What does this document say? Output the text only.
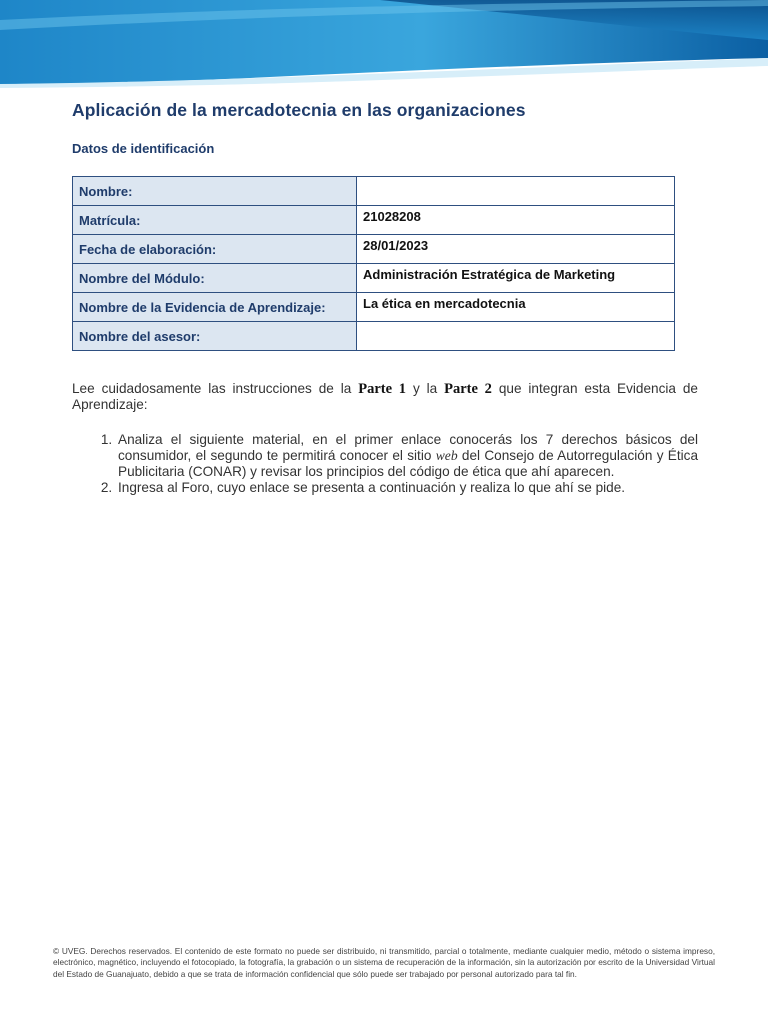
Aplicación de la mercadotecnia en las organizaciones
Datos de identificación
Nombre:	
Matrícula:	21028208
Fecha de elaboración:	28/01/2023
Nombre del Módulo:	Administración Estratégica de Marketing
Nombre de la Evidencia de Aprendizaje:	La ética en mercadotecnia
Nombre del asesor:	

Lee cuidadosamente las instrucciones de la Parte 1 y la Parte 2 que integran esta Evidencia de Aprendizaje:

1. Analiza el siguiente material, en el primer enlace conocerás los 7 derechos básicos del consumidor, el segundo te permitirá conocer el sitio web del Consejo de Autorregulación y Ética Publicitaria (CONAR) y revisar los principios del código de ética que ahí aparecen.
2. Ingresa al Foro, cuyo enlace se presenta a continuación y realiza lo que ahí se pide.
© UVEG. Derechos reservados. El contenido de este formato no puede ser distribuido, ni transmitido, parcial o totalmente, mediante cualquier medio, método o sistema impreso, electrónico, magnético, incluyendo el fotocopiado, la fotografía, la grabación o un sistema de recuperación de la información, sin la autorización por escrito de la Universidad Virtual del Estado de Guanajuato, debido a que se trata de información confidencial que sólo puede ser trabajado por personal autorizado para tal fin.
